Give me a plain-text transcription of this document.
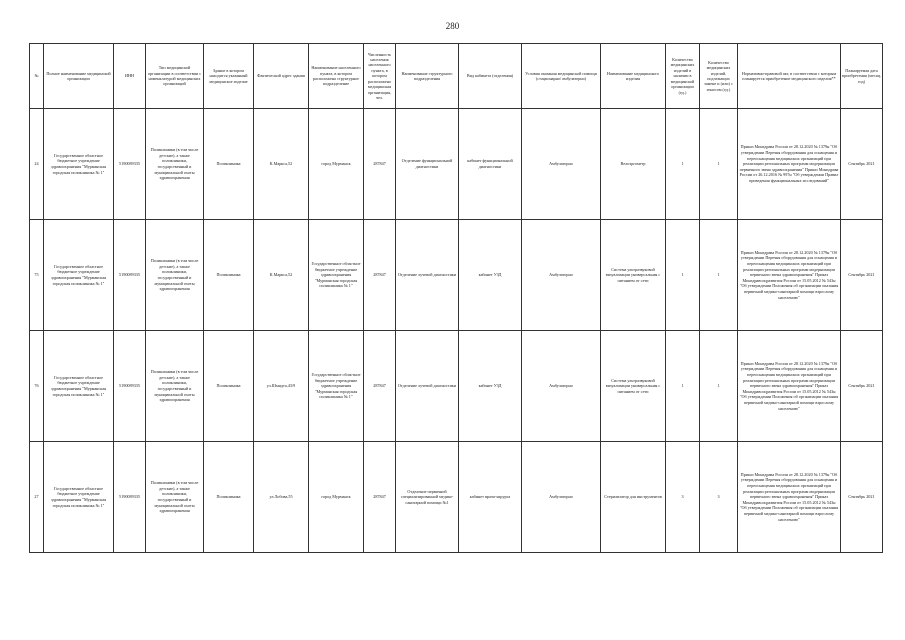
280
№	Полное наименование медицинской организации	ИНН	Тип медицинской организации в соответствии с номенклатурой медицинских организаций	Здание в котором находится указанный медицинское изделие	Фактический адрес здания	Наименование населенного пункта, в котором расположена структурное подразделение	Численность населения населенного пункта, в котором расположено медицинская организация, чел.	Наименование структурного подразделения	Вид кабинета (отделения)	Условия оказания медицинской помощи (стационарно/ амбулаторно)	Наименование медицинского изделия	Количество медицинских изделий в наличии в медицинской организации (ед.)	Количество медицинских изделий, подлежащих замене и (или) с износом (ед.)	Нормативно-правовой акт, в соответствии с которым планируется приобретение медицинского изделия**	Планируемая дата приобретения (месяц, год)
24	Государственное областное бюджетное учреждение здравоохранения "Мурманская городская поликлиника № 1"	5190089335	Поликлиники (в том числе детские), а также поликлиники, государственный и муниципальной охоты здравоохранения	Поликлиника	К.Маркса,52	город Мурманск	287847	Отделение функциональной диагностики	кабинет функциональной диагностики	Амбулаторно	Велоэргометр	1	1	Приказ Минздрава России от 28.12.2020 № 1379н "Об утверждении Перечня оборудования для оснащения и переоснащения медицинских организаций при реализации региональных программ модернизации первичного звена здравоохранения" Приказ Минздрава России от 26.12.2016 № 997н "Об утверждении Правил проведения функциональных исследований"	Сентябрь 2021
75	Государственное областное бюджетное учреждение здравоохранения "Мурманская городская поликлиника № 1"	5190089335	Поликлиники (в том числе детские), а также поликлиники, государственный и муниципальной охоты здравоохранения	Поликлиника	К.Маркса,52	Государственное областное бюджетное учреждение здравоохранения "Мурманская городская поликлиника № 1"	287847	Отделение лучевой диагностики	кабинет УЗД	Амбулаторно	Система ультразвуковой визуализации универсальная с питанием от сети	1	1	Приказ Минздрава России от 28.12.2020 № 1379н "Об утверждении Перечня оборудования для оснащения и переоснащения медицинских организаций при реализации региональных программ модернизации первичного звена здравоохранения" Приказ Минздравсоцразвития России от 15.05.2012 № 543н "Об утверждении Положения об организации оказания первичной медико-санитарной помощи взрослому населению"	Сентябрь 2021
76	Государственное областное бюджетное учреждение здравоохранения "Мурманская городская поликлиника № 1"	5190089335	Поликлиники (в том числе детские), а также поликлиники, государственный и муниципальной охоты здравоохранения	Поликлиника	ул.Шмидта,43/9	Государственное областное бюджетное учреждение здравоохранения "Мурманская городская поликлиника № 1"	287847	Отделение лучевой диагностики	кабинет УЗД	Амбулаторно	Система ультразвуковой визуализации универсальная с питанием от сети	1	1	Приказ Минздрава России от 28.12.2020 № 1379н "Об утверждении Перечня оборудования для оснащения и переоснащения медицинских организаций при реализации региональных программ модернизации первичного звена здравоохранения" Приказ Минздравсоцразвития России от 15.05.2012 № 543н "Об утверждении Положения об организации оказания первичной медико-санитарной помощи взрослому населению"	Сентябрь 2021
27	Государственное областное бюджетное учреждение здравоохранения "Мурманская городская поликлиника № 1"	5190089335	Поликлиники (в том числе детские), а также поликлиники, государственный и муниципальной охоты здравоохранения	Поликлиника	ул.Лобова,55	город Мурманск	287847	Отделение первичной специализированной медико-санитарной помощи №1	кабинет врача-хирурга	Амбулаторно	Стерилизатор для инструментов	3	3	Приказ Минздрава России от 28.12.2020 № 1379н "Об утверждении Перечня оборудования для оснащения и переоснащения медицинских организаций при реализации региональных программ модернизации первичного звена здравоохранения" Приказ Минздравсоцразвития России от 15.05.2012 № 543н "Об утверждении Положения об организации оказания первичной медико-санитарной помощи взрослому населению"	Сентябрь 2021
